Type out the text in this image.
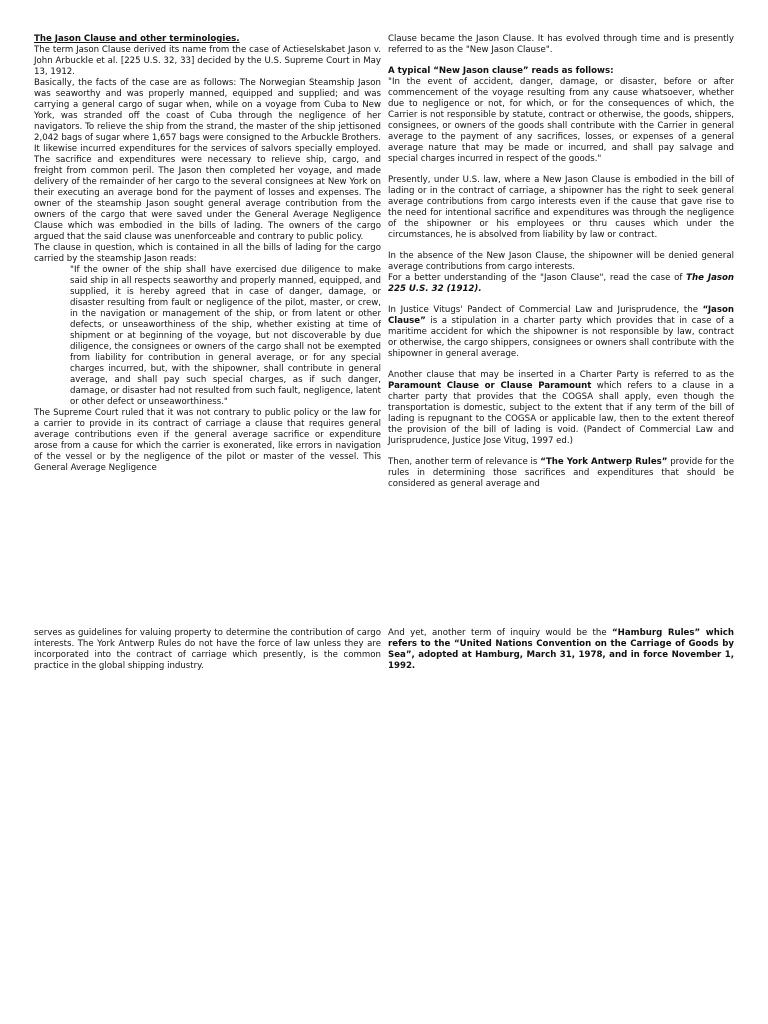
The Jason Clause and other terminologies.

The term Jason Clause derived its name from the case of Actieselskabet Jason v. John Arbuckle et al. [225 U.S. 32, 33] decided by the U.S. Supreme Court in May 13, 1912.

Basically, the facts of the case are as follows: The Norwegian Steamship Jason was seaworthy and was properly manned, equipped and supplied; and was carrying a general cargo of sugar when, while on a voyage from Cuba to New York, was stranded off the coast of Cuba through the negligence of her navigators. To relieve the ship from the strand, the master of the ship jettisoned 2,042 bags of sugar where 1,657 bags were consigned to the Arbuckle Brothers. It likewise incurred expenditures for the services of salvors specially employed. The sacrifice and expenditures were necessary to relieve ship, cargo, and freight from common peril. The Jason then completed her voyage, and made delivery of the remainder of her cargo to the several consignees at New York on their executing an average bond for the payment of losses and expenses. The owner of the steamship Jason sought general average contribution from the owners of the cargo that were saved under the General Average Negligence Clause which was embodied in the bills of lading. The owners of the cargo argued that the said clause was unenforceable and contrary to public policy.

The clause in question, which is contained in all the bills of lading for the cargo carried by the steamship Jason reads:

"If the owner of the ship shall have exercised due diligence to make said ship in all respects seaworthy and properly manned, equipped, and supplied, it is hereby agreed that in case of danger, damage, or disaster resulting from fault or negligence of the pilot, master, or crew, in the navigation or management of the ship, or from latent or other defects, or unseaworthiness of the ship, whether existing at time of shipment or at beginning of the voyage, but not discoverable by due diligence, the consignees or owners of the cargo shall not be exempted from liability for contribution in general average, or for any special charges incurred, but, with the shipowner, shall contribute in general average, and shall pay such special charges, as if such danger, damage, or disaster had not resulted from such fault, negligence, latent or other defect or unseaworthiness."

The Supreme Court ruled that it was not contrary to public policy or the law for a carrier to provide in its contract of carriage a clause that requires general average contributions even if the general average sacrifice or expenditure arose from a cause for which the carrier is exonerated, like errors in navigation of the vessel or by the negligence of the pilot or master of the vessel. This General Average Negligence

Clause became the Jason Clause. It has evolved through time and is presently referred to as the "New Jason Clause".

A typical “New Jason clause” reads as follows:

"In the event of accident, danger, damage, or disaster, before or after commencement of the voyage resulting from any cause whatsoever, whether due to negligence or not, for which, or for the consequences of which, the Carrier is not responsible by statute, contract or otherwise, the goods, shippers, consignees, or owners of the goods shall contribute with the Carrier in general average to the payment of any sacrifices, losses, or expenses of a general average nature that may be made or incurred, and shall pay salvage and special charges incurred in respect of the goods."

Presently, under U.S. law, where a New Jason Clause is embodied in the bill of lading or in the contract of carriage, a shipowner has the right to seek general average contributions from cargo interests even if the cause that gave rise to the need for intentional sacrifice and expenditures was through the negligence of the shipowner or his employees or thru causes which under the circumstances, he is absolved from liability by law or contract.

In the absence of the New Jason Clause, the shipowner will be denied general average contributions from cargo interests.

For a better understanding of the "Jason Clause", read the case of The Jason 225 U.S. 32 (1912).

In Justice Vitugs' Pandect of Commercial Law and Jurisprudence, the “Jason Clause” is a stipulation in a charter party which provides that in case of a maritime accident for which the shipowner is not responsible by law, contract or otherwise, the cargo shippers, consignees or owners shall contribute with the shipowner in general average.

Another clause that may be inserted in a Charter Party is referred to as the Paramount Clause or Clause Paramount which refers to a clause in a charter party that provides that the COGSA shall apply, even though the transportation is domestic, subject to the extent that if any term of the bill of lading is repugnant to the COGSA or applicable law, then to the extent thereof the provision of the bill of lading is void. (Pandect of Commercial Law and Jurisprudence, Justice Jose Vitug, 1997 ed.)

Then, another term of relevance is “The York Antwerp Rules” provide for the rules in determining those sacrifices and expenditures that should be considered as general average and

serves as guidelines for valuing property to determine the contribution of cargo interests. The York Antwerp Rules do not have the force of law unless they are incorporated into the contract of carriage which presently, is the common practice in the global shipping industry.

And yet, another term of inquiry would be the “Hamburg Rules” which refers to the “United Nations Convention on the Carriage of Goods by Sea”, adopted at Hamburg, March 31, 1978, and in force November 1, 1992.
